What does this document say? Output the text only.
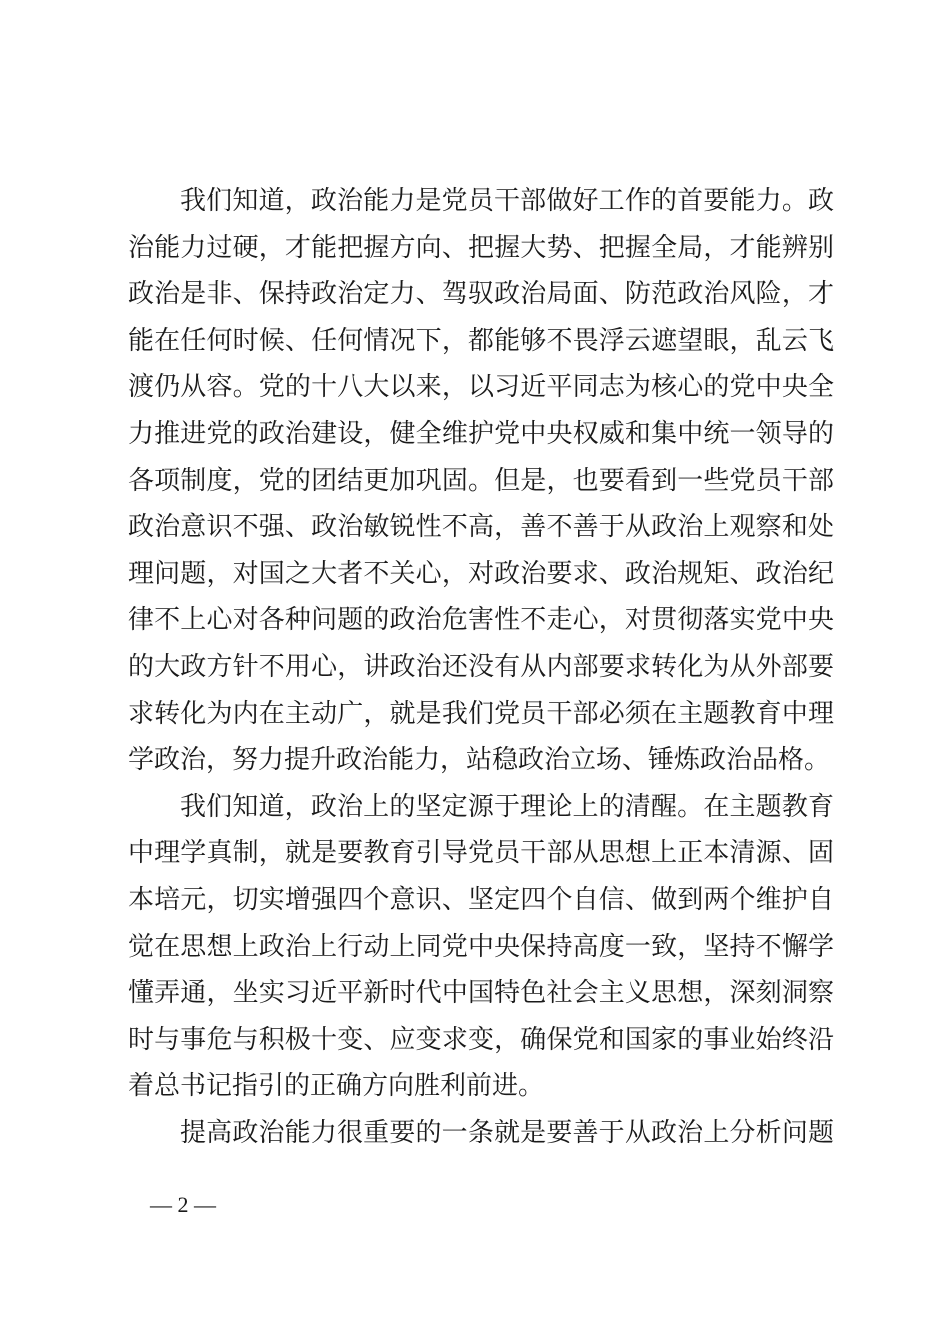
我们知道，政治能力是党员干部做好工作的首要能力。政
治能力过硬，才能把握方向、把握大势、把握全局，才能辨别
政治是非、保持政治定力、驾驭政治局面、防范政治风险，才
能在任何时候、任何情况下，都能够不畏浮云遮望眼，乱云飞
渡仍从容。党的十八大以来，以习近平同志为核心的党中央全
力推进党的政治建设，健全维护党中央权威和集中统一领导的
各项制度，党的团结更加巩固。但是，也要看到一些党员干部
政治意识不强、政治敏锐性不高，善不善于从政治上观察和处
理问题，对国之大者不关心，对政治要求、政治规矩、政治纪
律不上心对各种问题的政治危害性不走心，对贯彻落实党中央
的大政方针不用心，讲政治还没有从内部要求转化为从外部要
求转化为内在主动广，就是我们党员干部必须在主题教育中理
学政治，努力提升政治能力，站稳政治立场、锤炼政治品格。
我们知道，政治上的坚定源于理论上的清醒。在主题教育
中理学真制，就是要教育引导党员干部从思想上正本清源、固
本培元，切实增强四个意识、坚定四个自信、做到两个维护自
觉在思想上政治上行动上同党中央保持高度一致，坚持不懈学
懂弄通，坐实习近平新时代中国特色社会主义思想，深刻洞察
时与事危与积极十变、应变求变，确保党和国家的事业始终沿
着总书记指引的正确方向胜利前进。
提高政治能力很重要的一条就是要善于从政治上分析问题
— 2 —
